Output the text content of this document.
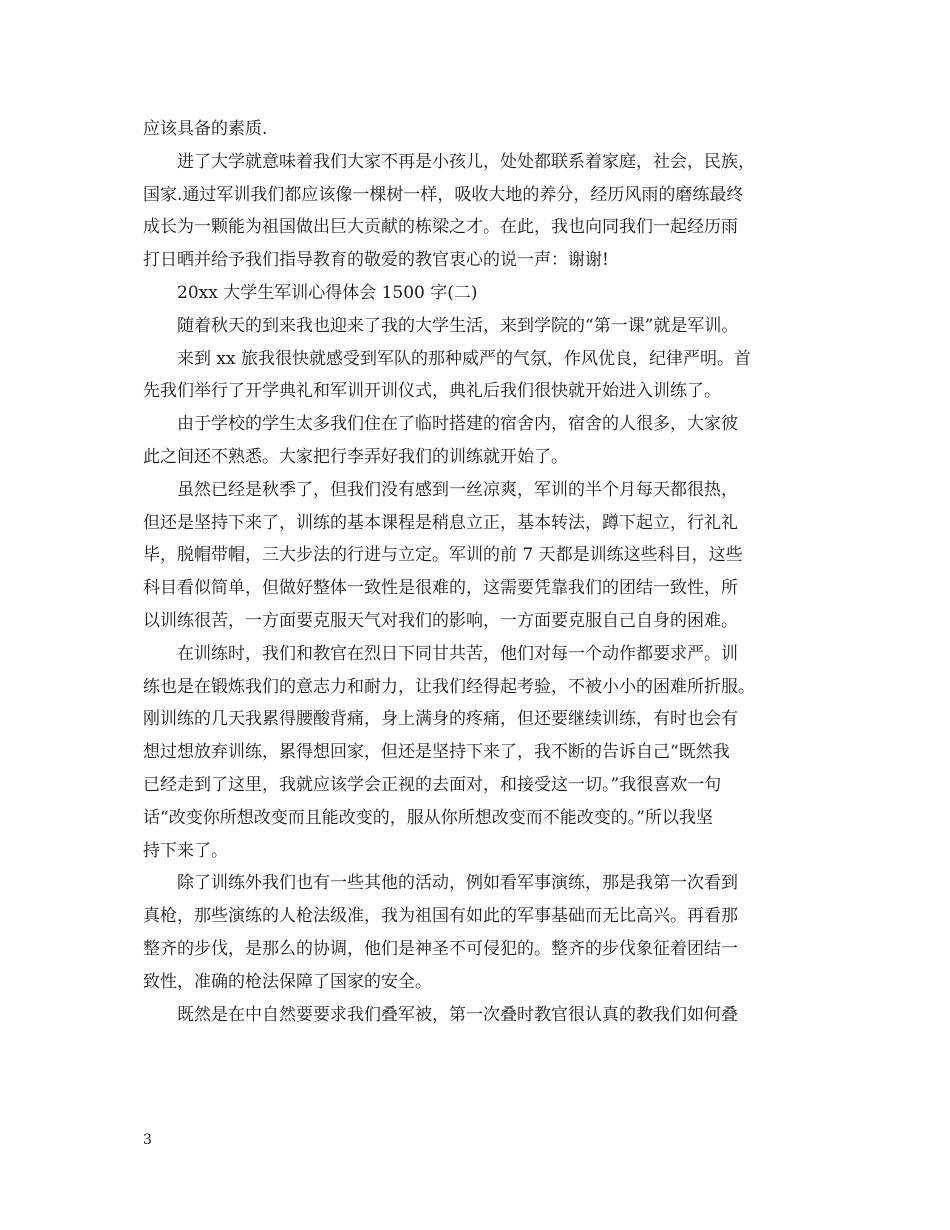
应该具备的素质.
进了大学就意味着我们大家不再是小孩儿，处处都联系着家庭，社会，民族，
国家.通过军训我们都应该像一棵树一样，吸收大地的养分，经历风雨的磨练最终
成长为一颗能为祖国做出巨大贡献的栋梁之才。在此，我也向同我们一起经历雨
打日晒并给予我们指导教育的敬爱的教官衷心的说一声：谢谢!
20xx 大学生军训心得体会 1500 字(二)
随着秋天的到来我也迎来了我的大学生活，来到学院的“第一课”就是军训。
来到 xx 旅我很快就感受到军队的那种威严的气氛，作风优良，纪律严明。首
先我们举行了开学典礼和军训开训仪式，典礼后我们很快就开始进入训练了。
由于学校的学生太多我们住在了临时搭建的宿舍内，宿舍的人很多，大家彼
此之间还不熟悉。大家把行李弄好我们的训练就开始了。
虽然已经是秋季了，但我们没有感到一丝凉爽，军训的半个月每天都很热，
但还是坚持下来了，训练的基本课程是稍息立正，基本转法，蹲下起立，行礼礼
毕，脱帽带帽，三大步法的行进与立定。军训的前 7 天都是训练这些科目，这些
科目看似简单，但做好整体一致性是很难的，这需要凭靠我们的团结一致性，所
以训练很苦，一方面要克服天气对我们的影响，一方面要克服自己自身的困难。
在训练时，我们和教官在烈日下同甘共苦，他们对每一个动作都要求严。训
练也是在锻炼我们的意志力和耐力，让我们经得起考验，不被小小的困难所折服。
刚训练的几天我累得腰酸背痛，身上满身的疼痛，但还要继续训练，有时也会有
想过想放弃训练，累得想回家，但还是坚持下来了，我不断的告诉自己“既然我
已经走到了这里，我就应该学会正视的去面对，和接受这一切。”我很喜欢一句
话“改变你所想改变而且能改变的，服从你所想改变而不能改变的。”所以我坚
持下来了。
除了训练外我们也有一些其他的活动，例如看军事演练，那是我第一次看到
真枪，那些演练的人枪法级准，我为祖国有如此的军事基础而无比高兴。再看那
整齐的步伐，是那么的协调，他们是神圣不可侵犯的。整齐的步伐象征着团结一
致性，准确的枪法保障了国家的安全。
既然是在中自然要要求我们叠军被，第一次叠时教官很认真的教我们如何叠
3
